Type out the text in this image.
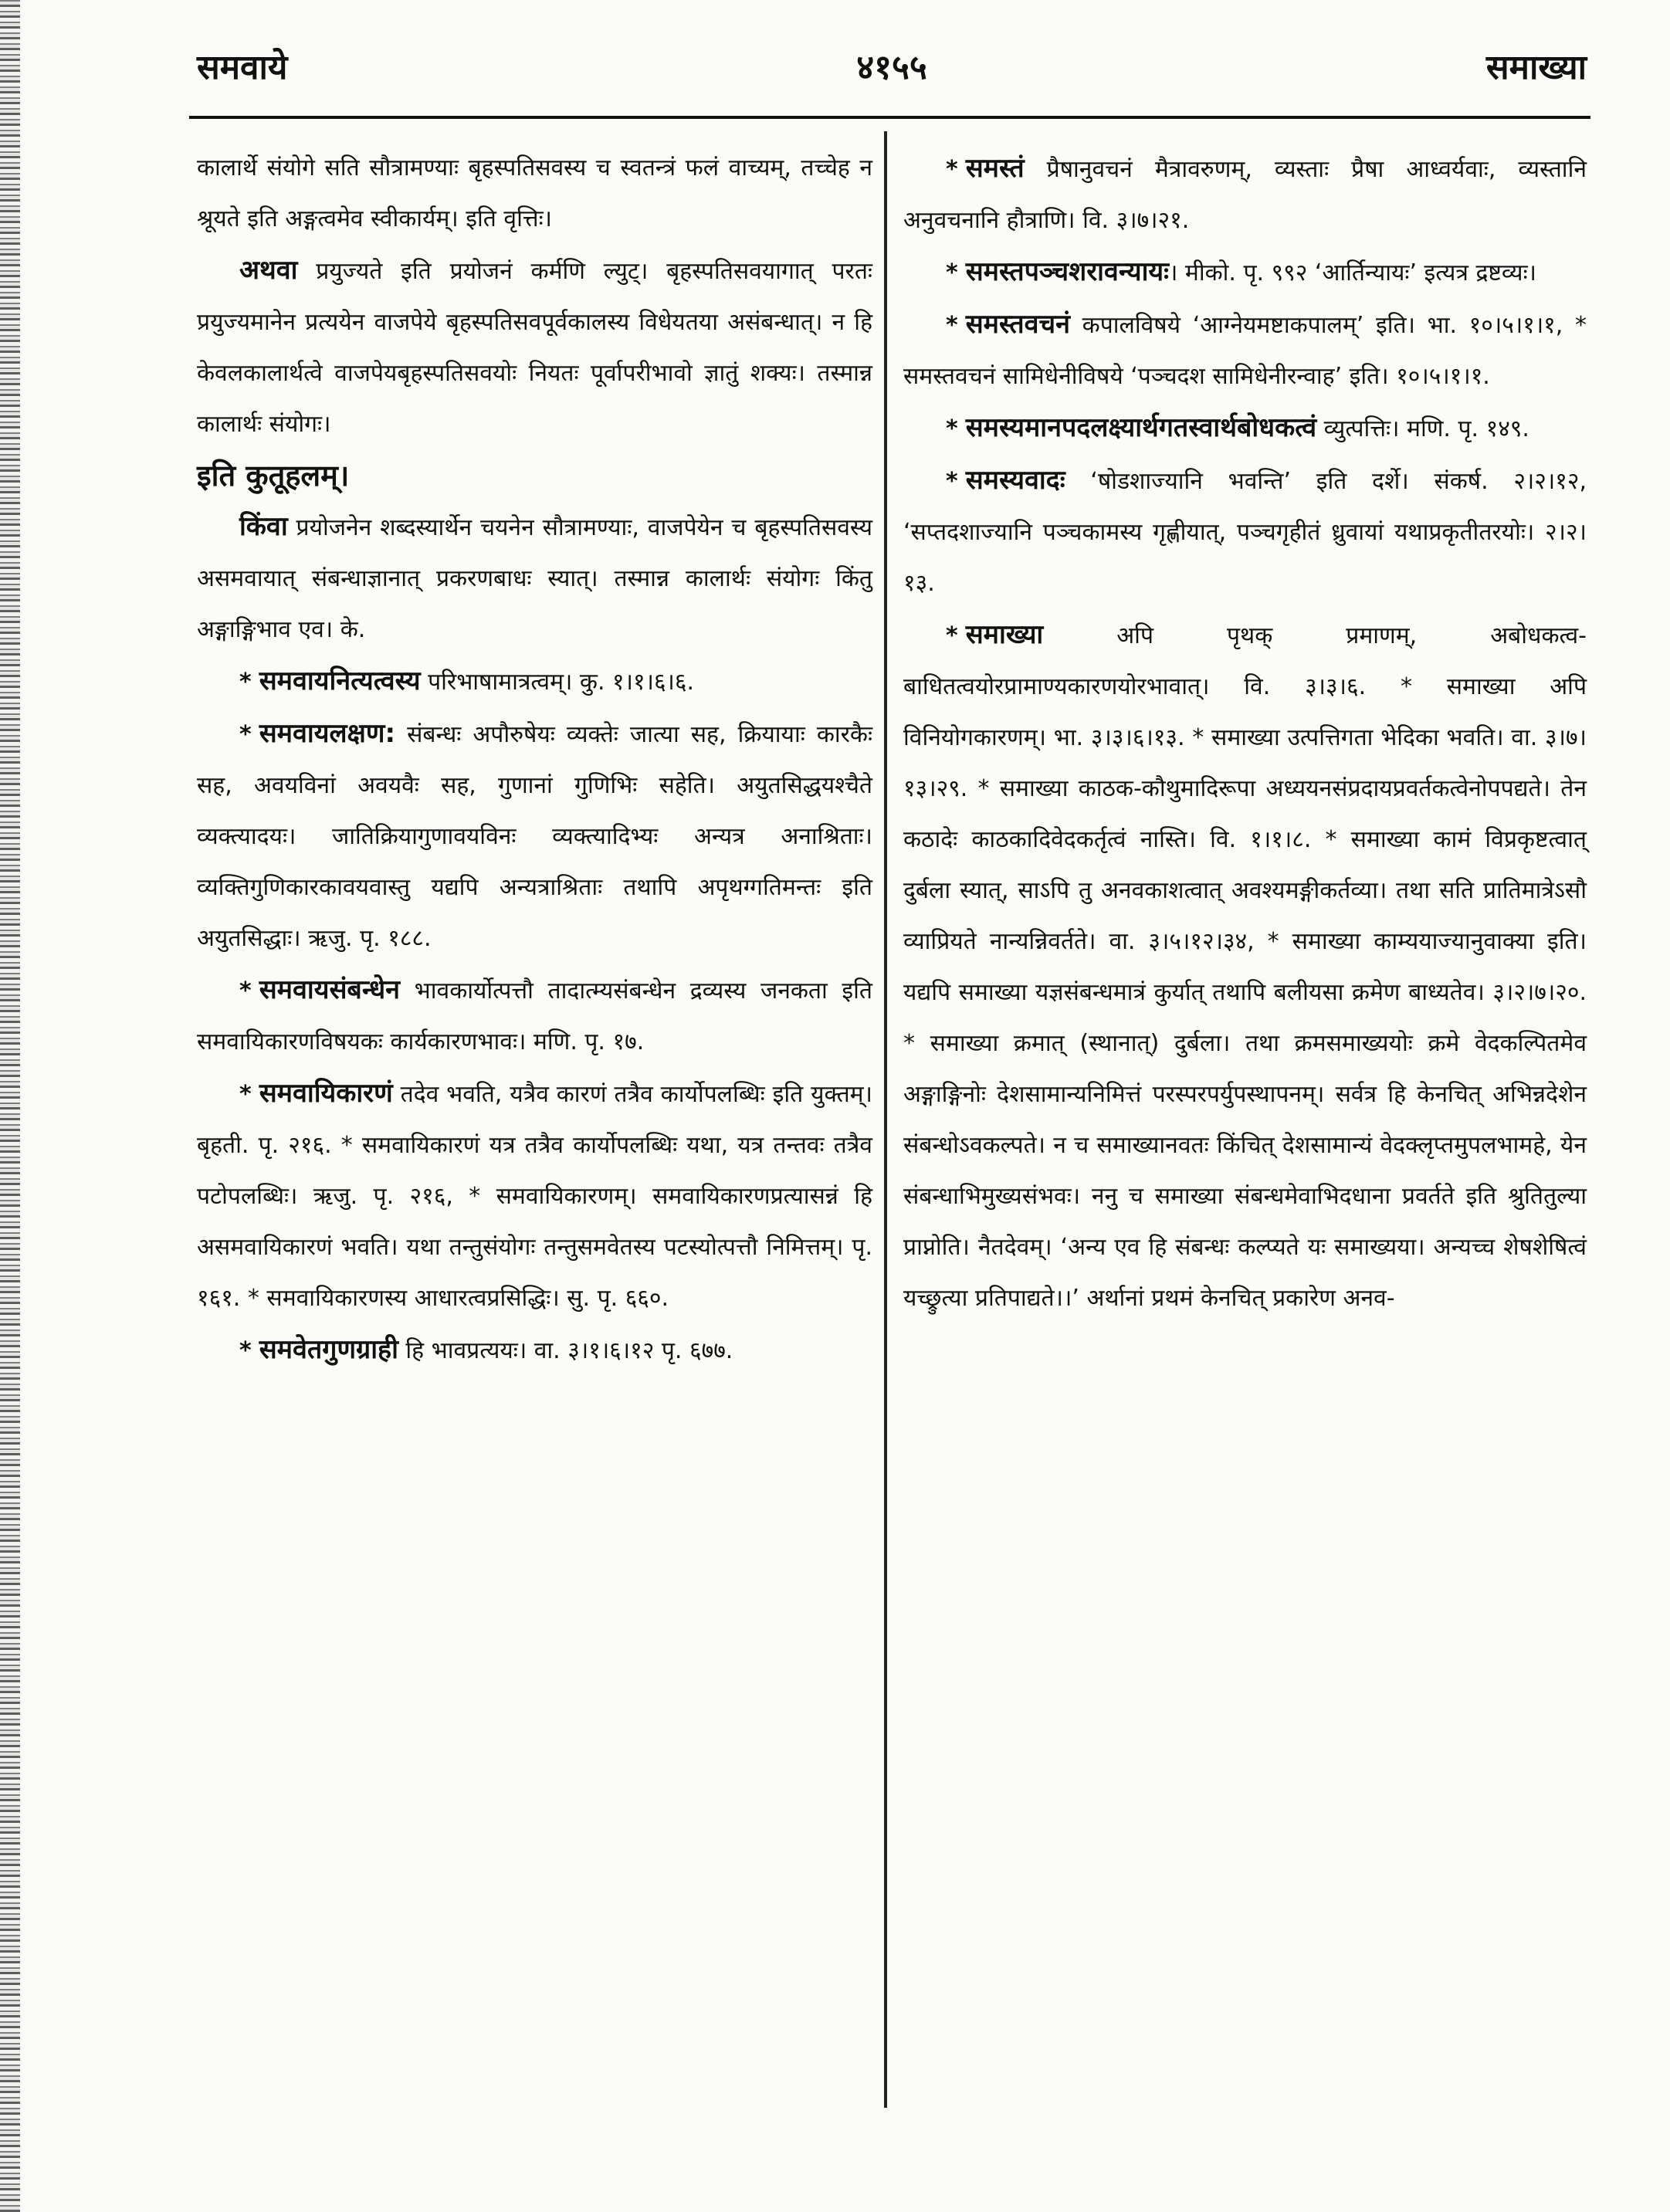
समवाये	४१५५	समाख्या

कालार्थे संयोगे सति सौत्रामण्याः बृहस्पतिसवस्य च स्वतन्त्रं फलं वाच्यम्, तच्चेह न श्रूयते इति अङ्गत्वमेव स्वीकार्यम्। इति वृत्तिः।

अथवा प्रयुज्यते इति प्रयोजनं कर्मणि ल्युट्। बृहस्पतिसवयागात् परतः प्रयुज्यमानेन प्रत्ययेन वाजपेये बृहस्पतिसवपूर्वकालस्य विधेयतया असंबन्धात्। न हि केवलकालार्थत्वे वाजपेयबृहस्पतिसवयोः नियतः पूर्वापरीभावो ज्ञातुं शक्यः। तस्मान्न कालार्थः संयोगः।

इति कुतूहलम्।

किंवा प्रयोजनेन शब्दस्यार्थेन चयनेन सौत्रामण्याः, वाजपेयेन च बृहस्पतिसवस्य असमवायात् संबन्धाज्ञानात् प्रकरणबाधः स्यात्। तस्मान्न कालार्थः संयोगः किंतु अङ्गाङ्गिभाव एव। के.

* समवायनित्यत्वस्य परिभाषामात्रत्वम्। कु. १।१।६।६.

* समवायलक्षण: संबन्धः अपौरुषेयः व्यक्तेः जात्या सह, क्रियायाः कारकैः सह, अवयविनां अवयवैः सह, गुणानां गुणिभिः सहेति। अयुतसिद्धयश्चैते व्यक्त्यादयः। जातिक्रियागुणावयविनः व्यक्त्यादिभ्यः अन्यत्र अनाश्रिताः। व्यक्तिगुणिकारकावयवास्तु यद्यपि अन्यत्राश्रिताः तथापि अपृथग्गतिमन्तः इति अयुतसिद्धाः। ऋजु. पृ. १८८.

* समवायसंबन्धेन भावकार्योत्पत्तौ तादात्म्यसंबन्धेन द्रव्यस्य जनकता इति समवायिकारणविषयकः कार्यकारणभावः। मणि. पृ. १७.

* समवायिकारणं तदेव भवति, यत्रैव कारणं तत्रैव कार्योपलब्धिः इति युक्तम्। बृहती. पृ. २१६. * समवायिकारणं यत्र तत्रैव कार्योपलब्धिः यथा, यत्र तन्तवः तत्रैव पटोपलब्धिः। ऋजु. पृ. २१६, * समवायिकारणम्। समवायिकारणप्रत्यासन्नं हि असमवायिकारणं भवति। यथा तन्तुसंयोगः तन्तुसमवेतस्य पटस्योत्पत्तौ निमित्तम्। पृ. १६१. * समवायिकारणस्य आधारत्वप्रसिद्धिः। सु. पृ. ६६०.

* समवेतगुणग्राही हि भावप्रत्ययः। वा. ३।१।६।१२ पृ. ६७७.

* समस्तं प्रैषानुवचनं मैत्रावरुणम्, व्यस्ताः प्रैषा आध्वर्यवाः, व्यस्तानि अनुवचनानि हौत्राणि। वि. ३।७।२१.

* समस्तपञ्चशरावन्यायः। मीको. पृ. ९९२ ‘आर्तिन्यायः’ इत्यत्र द्रष्टव्यः।

* समस्तवचनं कपालविषये ‘आग्नेयमष्टाकपालम्’ इति। भा. १०।५।१।१, * समस्तवचनं सामिधेनीविषये ‘पञ्चदश सामिधेनीरन्वाह’ इति। १०।५।१।१.

* समस्यमानपदलक्ष्यार्थगतस्वार्थबोधकत्वं व्युत्पत्तिः। मणि. पृ. १४९.

* समस्यवादः ‘षोडशाज्यानि भवन्ति’ इति दर्शे। संकर्ष. २।२।१२, ‘सप्तदशाज्यानि पञ्चकामस्य गृह्णीयात्, पञ्चगृहीतं ध्रुवायां यथाप्रकृतीतरयोः। २।२।१३.

* समाख्या अपि पृथक् प्रमाणम्, अबोधकत्व-बाधितत्वयोरप्रामाण्यकारणयोरभावात्। वि. ३।३।६. * समाख्या अपि विनियोगकारणम्। भा. ३।३।६।१३. * समाख्या उत्पत्तिगता भेदिका भवति। वा. ३।७।१३।२९. * समाख्या काठक-कौथुमादिरूपा अध्ययनसंप्रदायप्रवर्तकत्वेनोपपद्यते। तेन कठादेः काठकादिवेदकर्तृत्वं नास्ति। वि. १।१।८. * समाख्या कामं विप्रकृष्टत्वात् दुर्बला स्यात्, साऽपि तु अनवकाशत्वात् अवश्यमङ्गीकर्तव्या। तथा सति प्रातिमात्रेऽसौ व्याप्रियते नान्यन्निवर्तते। वा. ३।५।१२।३४, * समाख्या काम्ययाज्यानुवाक्या इति। यद्यपि समाख्या यज्ञसंबन्धमात्रं कुर्यात् तथापि बलीयसा क्रमेण बाध्यतेव। ३।२।७।२०. * समाख्या क्रमात् (स्थानात्) दुर्बला। तथा क्रमसमाख्ययोः क्रमे वेदकल्पितमेव अङ्गाङ्गिनोः देशसामान्यनिमित्तं परस्परपर्युपस्थापनम्। सर्वत्र हि केनचित् अभिन्नदेशेन संबन्धोऽवकल्पते। न च समाख्यानवतः किंचित् देशसामान्यं वेदक्लृप्तमुपलभामहे, येन संबन्धाभिमुख्यसंभवः। ननु च समाख्या संबन्धमेवाभिदधाना प्रवर्तते इति श्रुतितुल्या प्राप्नोति। नैतदेवम्। ‘अन्य एव हि संबन्धः कल्प्यते यः समाख्यया। अन्यच्च शेषशेषित्वं यच्छ्रुत्या प्रतिपाद्यते।।’ अर्थानां प्रथमं केनचित् प्रकारेण अनव-
